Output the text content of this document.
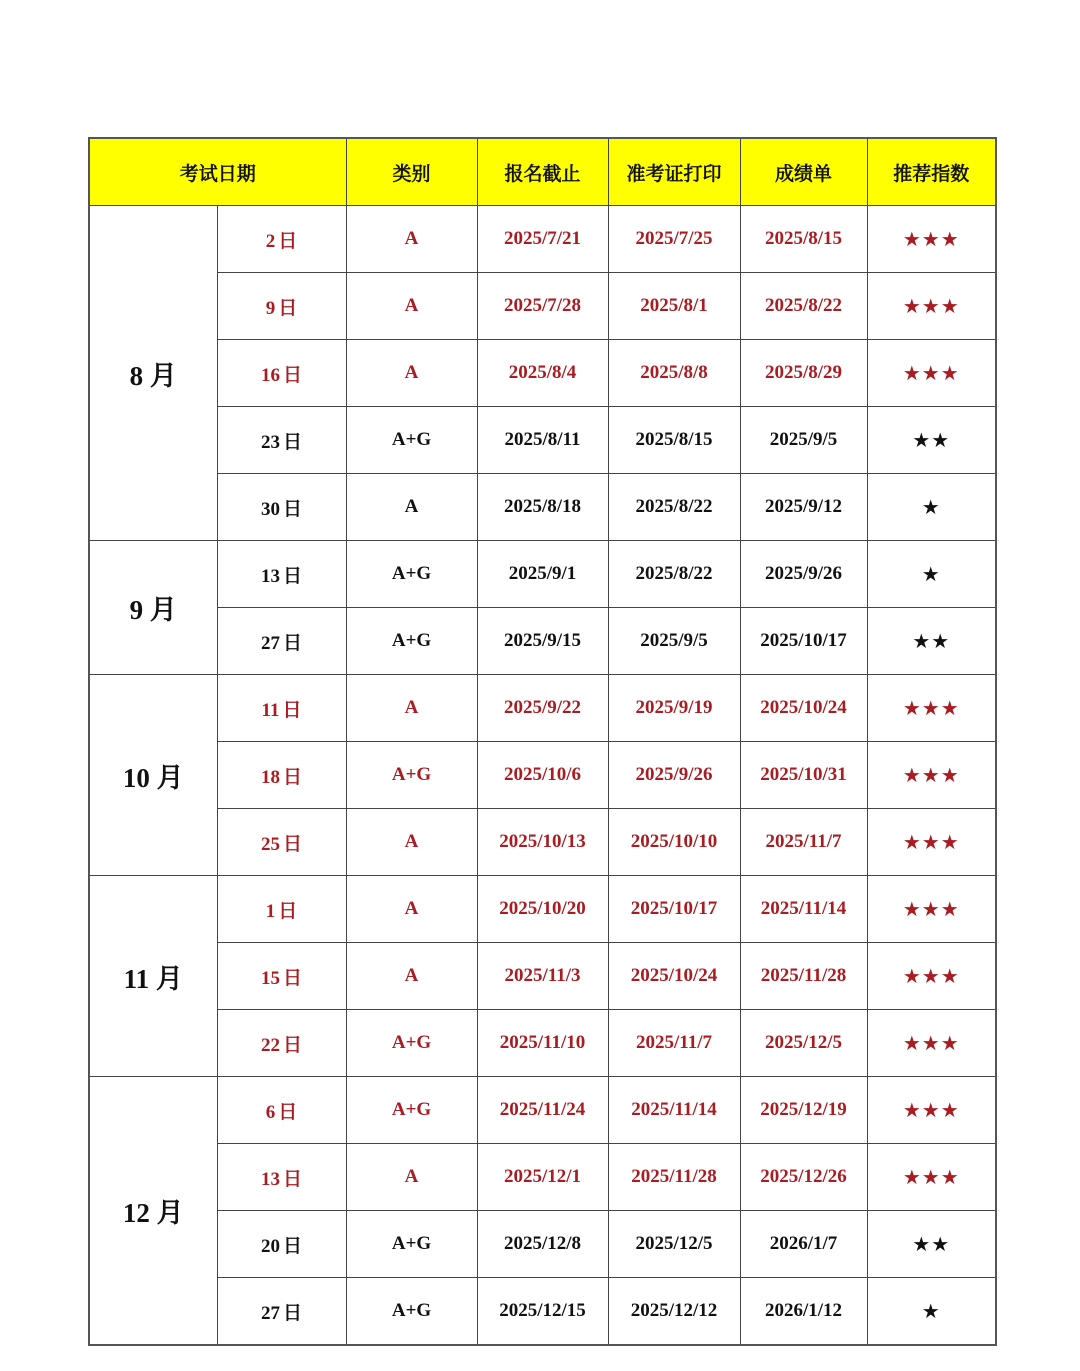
考试日期		类别	报名截止	准考证打印	成绩单	推荐指数
8 月	2 日	A	2025/7/21	2025/7/25	2025/8/15	★★★
	9 日	A	2025/7/28	2025/8/1	2025/8/22	★★★
	16 日	A	2025/8/4	2025/8/8	2025/8/29	★★★
	23 日	A+G	2025/8/11	2025/8/15	2025/9/5	★★
	30 日	A	2025/8/18	2025/8/22	2025/9/12	★
9 月	13 日	A+G	2025/9/1	2025/8/22	2025/9/26	★
	27 日	A+G	2025/9/15	2025/9/5	2025/10/17	★★
10 月	11 日	A	2025/9/22	2025/9/19	2025/10/24	★★★
	18 日	A+G	2025/10/6	2025/9/26	2025/10/31	★★★
	25 日	A	2025/10/13	2025/10/10	2025/11/7	★★★
11 月	1 日	A	2025/10/20	2025/10/17	2025/11/14	★★★
	15 日	A	2025/11/3	2025/10/24	2025/11/28	★★★
	22 日	A+G	2025/11/10	2025/11/7	2025/12/5	★★★
12 月	6 日	A+G	2025/11/24	2025/11/14	2025/12/19	★★★
	13 日	A	2025/12/1	2025/11/28	2025/12/26	★★★
	20 日	A+G	2025/12/8	2025/12/5	2026/1/7	★★
	27 日	A+G	2025/12/15	2025/12/12	2026/1/12	★
